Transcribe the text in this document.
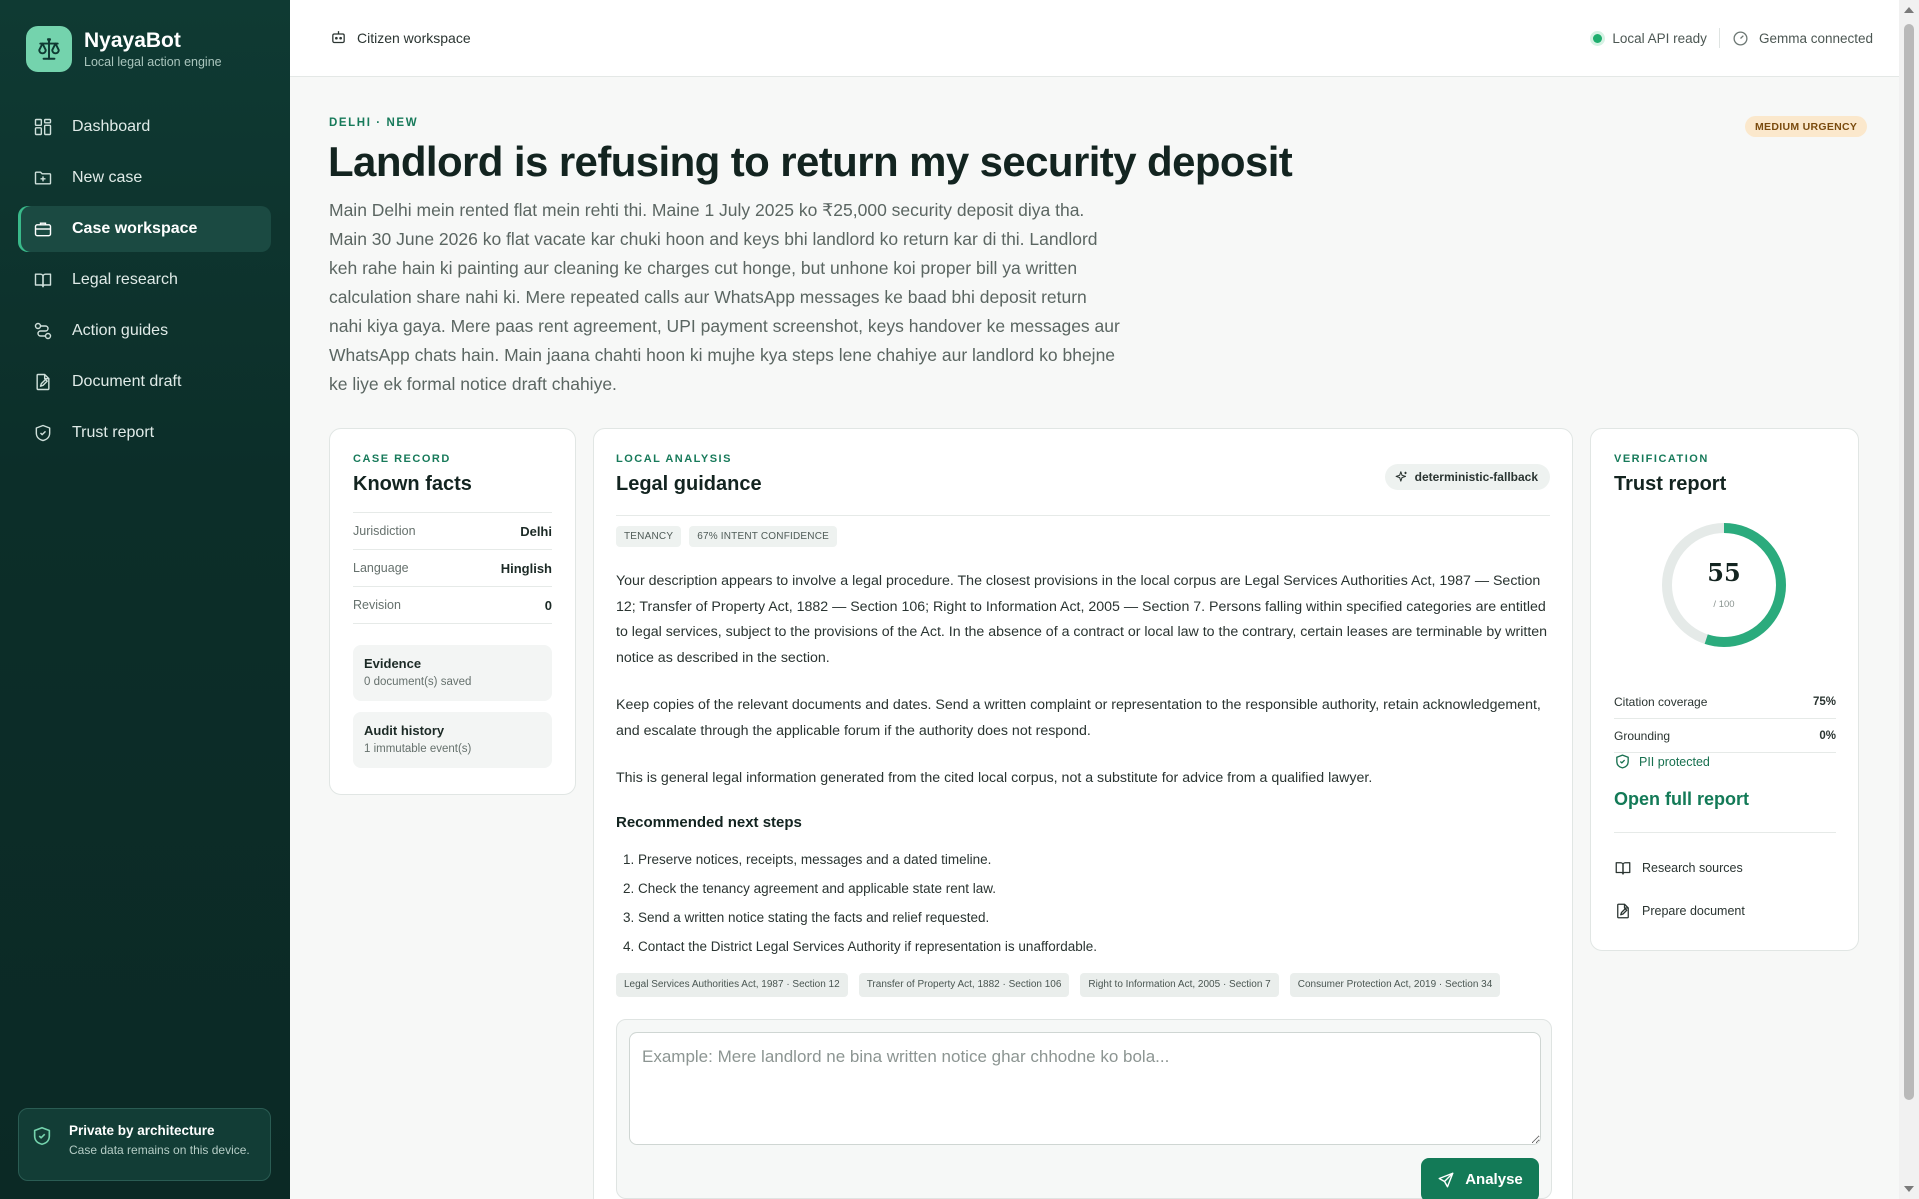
NyayaBot
Local legal action engine
Dashboard
New case
Case workspace
Legal research
Action guides
Document draft
Trust report
Private by architecture
Case data remains on this device.
Citizen workspace	Local API ready	Gemma connected
DELHI · NEW	MEDIUM URGENCY
Landlord is refusing to return my security deposit

Main Delhi mein rented flat mein rehti thi. Maine 1 July 2025 ko ₹25,000 security deposit diya tha. Main 30 June 2026 ko flat vacate kar chuki hoon and keys bhi landlord ko return kar di thi. Landlord keh rahe hain ki painting aur cleaning ke charges cut honge, but unhone koi proper bill ya written calculation share nahi ki. Mere repeated calls aur WhatsApp messages ke baad bhi deposit return nahi kiya gaya. Mere paas rent agreement, UPI payment screenshot, keys handover ke messages aur WhatsApp chats hain. Main jaana chahti hoon ki mujhe kya steps lene chahiye aur landlord ko bhejne ke liye ek formal notice draft chahiye.

CASE RECORD
Known facts
Jurisdiction	Delhi
Language	Hinglish
Revision	0
Evidence
0 document(s) saved
Audit history
1 immutable event(s)
LOCAL ANALYSIS
Legal guidance	deterministic-fallback
TENANCY	67% INTENT CONFIDENCE

Your description appears to involve a legal procedure. The closest provisions in the local corpus are Legal Services Authorities Act, 1987 — Section 12; Transfer of Property Act, 1882 — Section 106; Right to Information Act, 2005 — Section 7. Persons falling within specified categories are entitled to legal services, subject to the provisions of the Act. In the absence of a contract or local law to the contrary, certain leases are terminable by written notice as described in the section.

Keep copies of the relevant documents and dates. Send a written complaint or representation to the responsible authority, retain acknowledgement, and escalate through the applicable forum if the authority does not respond.

This is general legal information generated from the cited local corpus, not a substitute for advice from a qualified lawyer.

Recommended next steps
1. Preserve notices, receipts, messages and a dated timeline.
2. Check the tenancy agreement and applicable state rent law.
3. Send a written notice stating the facts and relief requested.
4. Contact the District Legal Services Authority if representation is unaffordable.
Legal Services Authorities Act, 1987 · Section 12	Transfer of Property Act, 1882 · Section 106	Right to Information Act, 2005 · Section 7	Consumer Protection Act, 2019 · Section 34
Example: Mere landlord ne bina written notice ghar chhodne ko bola...
Analyse
VERIFICATION
Trust report
55
/ 100
Citation coverage	75%
Grounding	0%
PII protected
Open full report
Research sources
Prepare document
